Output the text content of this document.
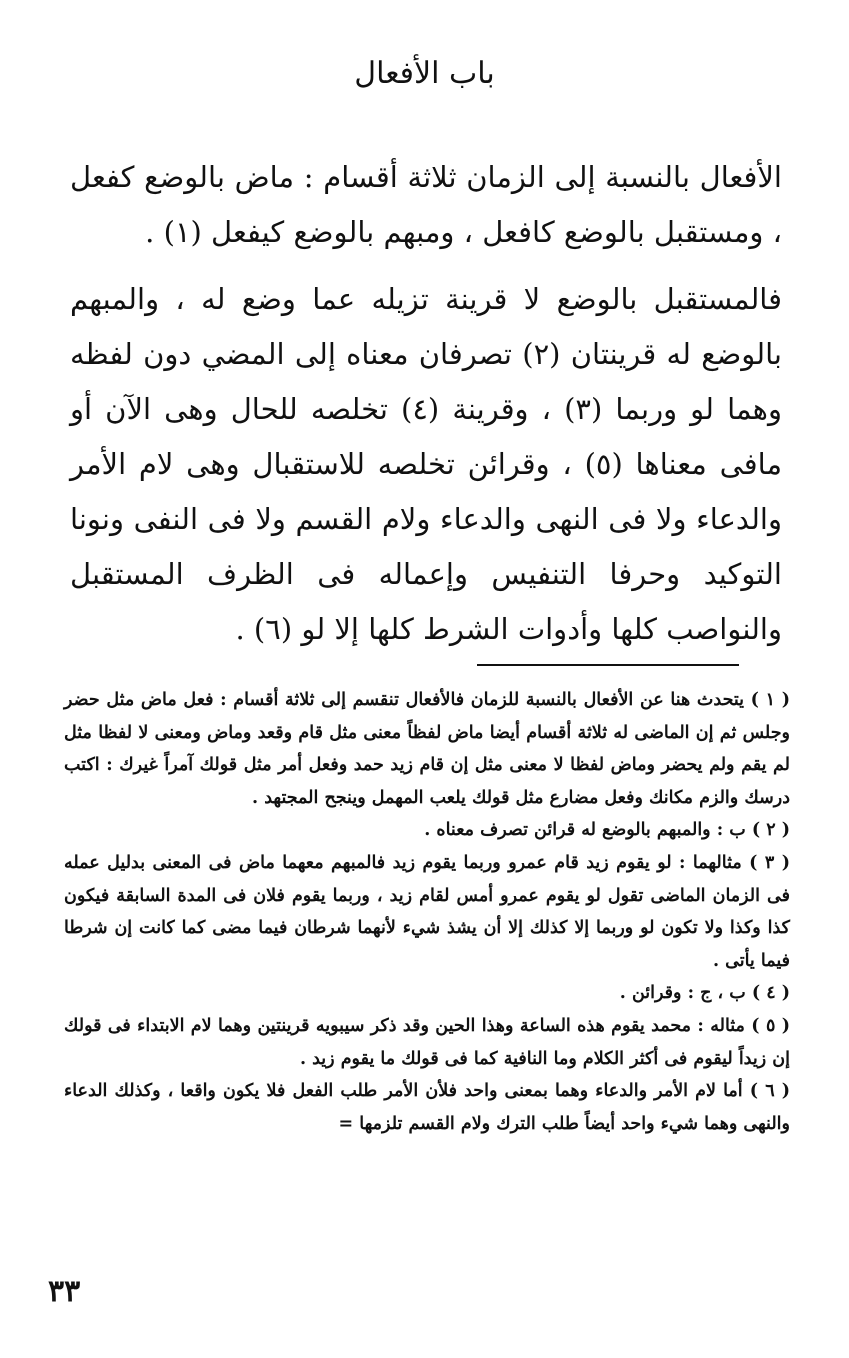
باب الأفعال

الأفعال بالنسبة إلى الزمان ثلاثة أقسام : ماض بالوضع كفعل ، ومستقبل بالوضع كافعل ، ومبهم بالوضع كيفعل (١) .

فالمستقبل بالوضع لا قرينة تزيله عما وضع له ، والمبهم بالوضع له قرينتان (٢) تصرفان معناه إلى المضي دون لفظه وهما لو وربما (٣) ، وقرينة (٤) تخلصه للحال وهى الآن أو مافى معناها (٥) ، وقرائن تخلصه للاستقبال وهى لام الأمر والدعاء ولا فى النهى والدعاء ولام القسم ولا فى النفى ونونا التوكيد وحرفا التنفيس وإعماله فى الظرف المستقبل والنواصب كلها وأدوات الشرط كلها إلا لو (٦) .

( ١ ) يتحدث هنا عن الأفعال بالنسبة للزمان فالأفعال تنقسم إلى ثلاثة أقسام : فعل ماض مثل حضر وجلس ثم إن الماضى له ثلاثة أقسام أيضا ماض لفظاً معنى مثل قام وقعد وماض ومعنى لا لفظا مثل لم يقم ولم يحضر وماض لفظا لا معنى مثل إن قام زيد حمد وفعل أمر مثل قولك آمراً غيرك : اكتب درسك والزم مكانك وفعل مضارع مثل قولك يلعب المهمل وينجح المجتهد .

( ٢ ) ب : والمبهم بالوضع له قرائن تصرف معناه .

( ٣ ) مثالهما : لو يقوم زيد قام عمرو وربما يقوم زيد فالمبهم معهما ماض فى المعنى بدليل عمله فى الزمان الماضى تقول لو يقوم عمرو أمس لقام زيد ، وربما يقوم فلان فى المدة السابقة فيكون كذا وكذا ولا تكون لو وربما إلا كذلك إلا أن يشذ شيء لأنهما شرطان فيما مضى كما كانت إن شرطا فيما يأتى .

( ٤ ) ب ، ج : وقرائن .

( ٥ ) مثاله : محمد يقوم هذه الساعة وهذا الحين وقد ذكر سيبويه قرينتين وهما لام الابتداء فى قولك إن زيداً ليقوم فى أكثر الكلام وما النافية كما فى قولك ما يقوم زيد .

( ٦ ) أما لام الأمر والدعاء وهما بمعنى واحد فلأن الأمر طلب الفعل فلا يكون واقعا ، وكذلك الدعاء والنهى وهما شيء واحد أيضاً طلب الترك ولام القسم تلزمها =

٣٣
